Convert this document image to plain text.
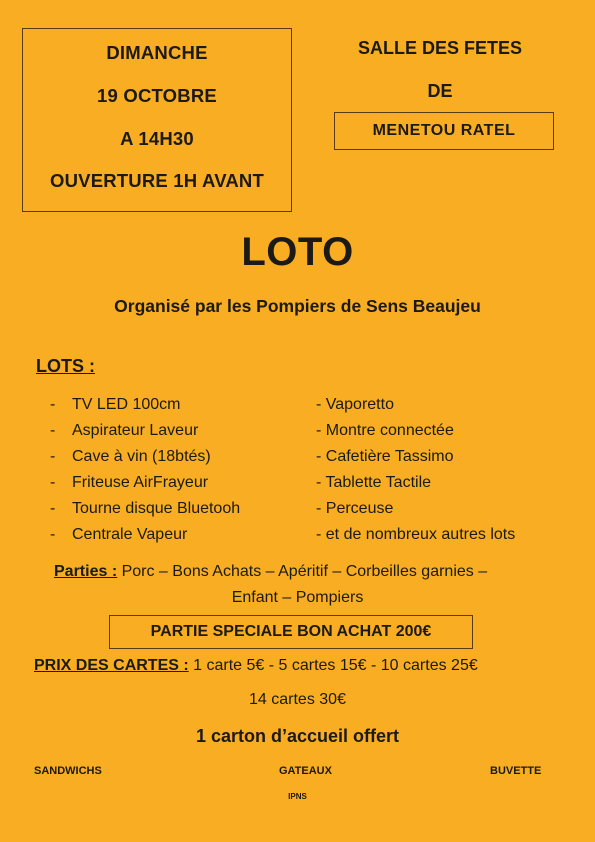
DIMANCHE
19 OCTOBRE
A 14H30
OUVERTURE 1H AVANT
SALLE DES FETES
DE
MENETOU RATEL
LOTO
Organisé par les Pompiers de Sens Beaujeu
LOTS :
- TV LED 100cm
- Aspirateur Laveur
- Cave à vin (18btés)
- Friteuse AirFrayeur
- Tourne disque Bluetooh
- Centrale Vapeur
- Vaporetto
- Montre connectée
- Cafetière Tassimo
- Tablette Tactile
- Perceuse
- et de nombreux autres lots
Parties : Porc – Bons Achats – Apéritif – Corbeilles garnies –
Enfant – Pompiers
PARTIE SPECIALE BON ACHAT 200€
PRIX DES CARTES : 1 carte 5€ - 5 cartes 15€ - 10 cartes 25€
14 cartes 30€
1 carton d’accueil offert
SANDWICHS	GATEAUX	BUVETTE
IPNS
